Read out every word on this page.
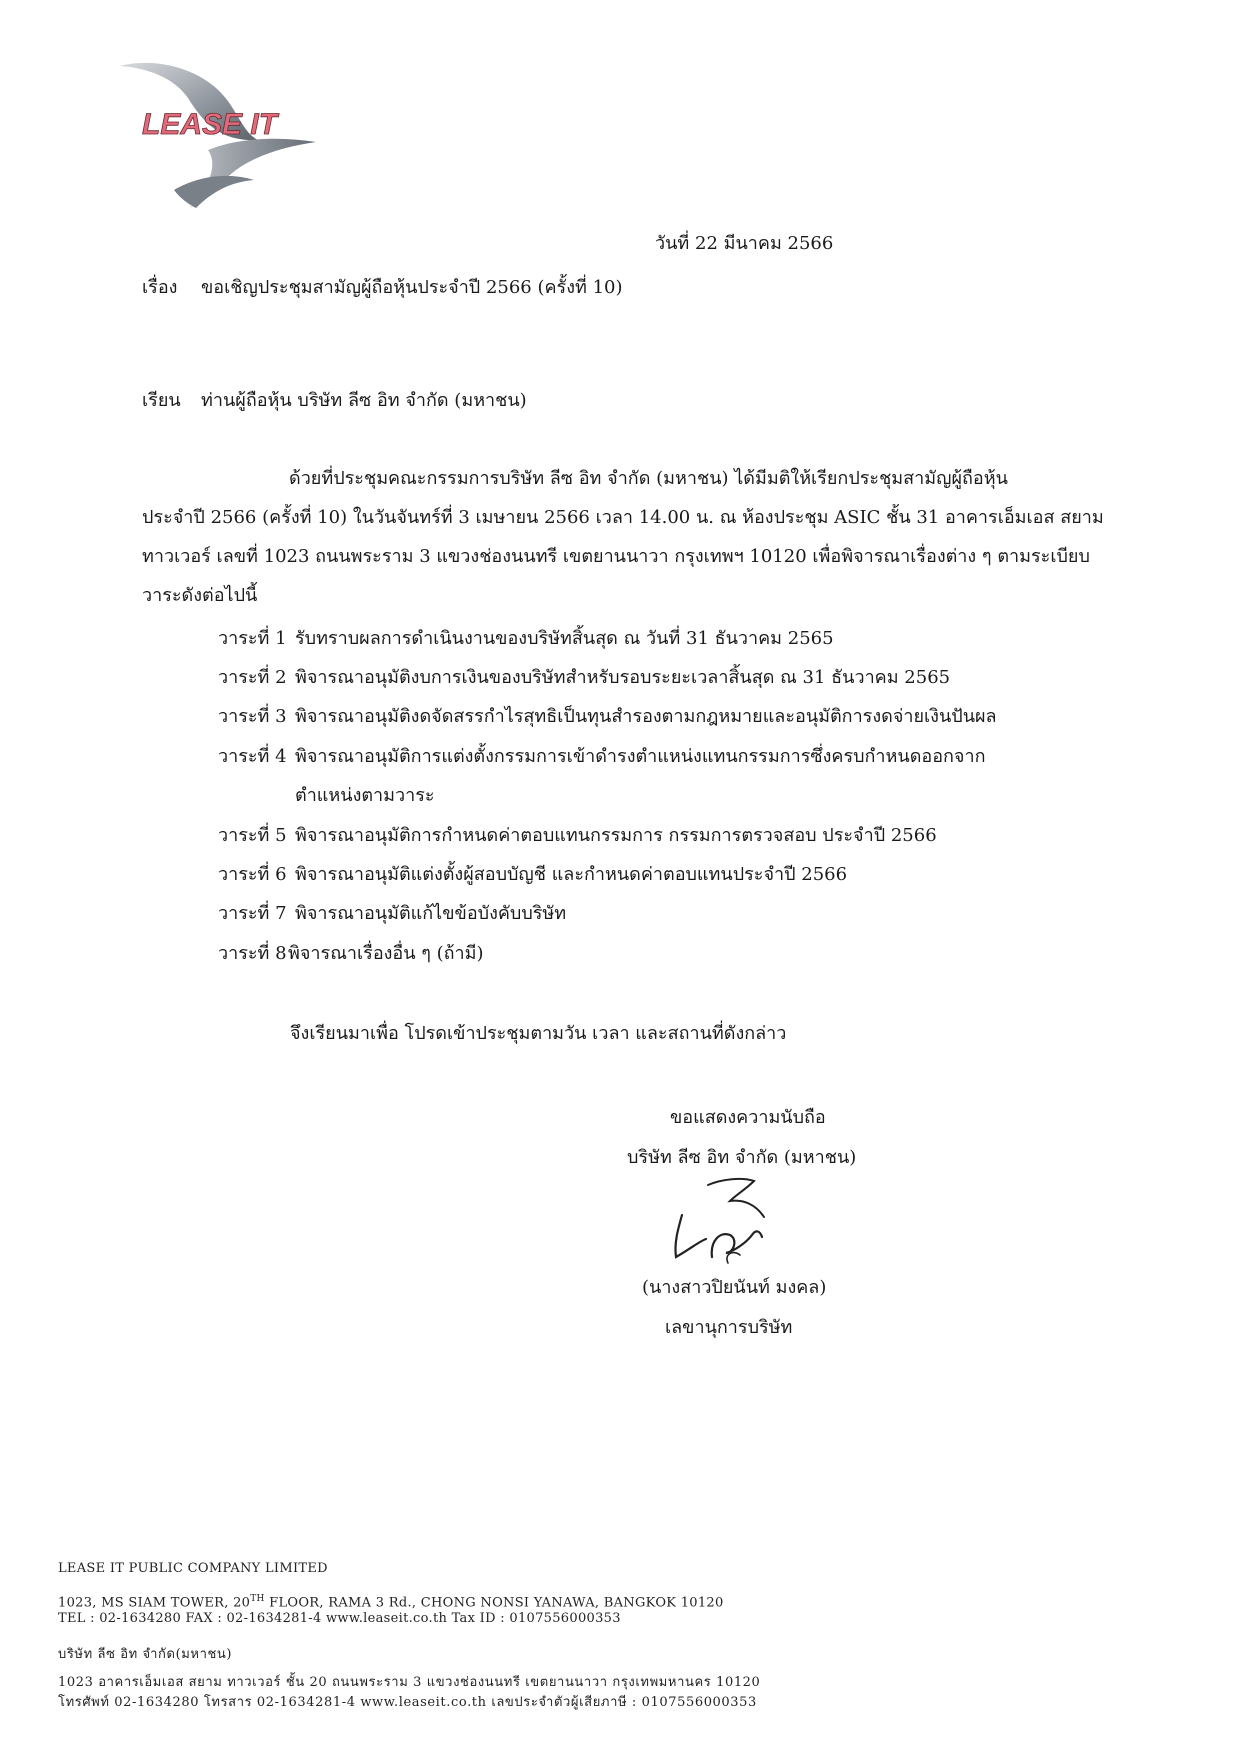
LEASE IT
วันที่ 22 มีนาคม 2566
เรื่อง ขอเชิญประชุมสามัญผู้ถือหุ้นประจำปี 2566 (ครั้งที่ 10)
เรียน ท่านผู้ถือหุ้น บริษัท ลีซ อิท จำกัด (มหาชน)
ด้วยที่ประชุมคณะกรรมการบริษัท ลีซ อิท จำกัด (มหาชน) ได้มีมติให้เรียกประชุมสามัญผู้ถือหุ้น
ประจำปี 2566 (ครั้งที่ 10) ในวันจันทร์ที่ 3 เมษายน 2566 เวลา 14.00 น. ณ ห้องประชุม ASIC ชั้น 31 อาคารเอ็มเอส สยาม
ทาวเวอร์ เลขที่ 1023 ถนนพระราม 3 แขวงช่องนนทรี เขตยานนาวา กรุงเทพฯ 10120 เพื่อพิจารณาเรื่องต่าง ๆ ตามระเบียบ
วาระดังต่อไปนี้
วาระที่ 1 รับทราบผลการดำเนินงานของบริษัทสิ้นสุด ณ วันที่ 31 ธันวาคม 2565
วาระที่ 2 พิจารณาอนุมัติงบการเงินของบริษัทสำหรับรอบระยะเวลาสิ้นสุด ณ 31 ธันวาคม 2565
วาระที่ 3 พิจารณาอนุมัติงดจัดสรรกำไรสุทธิเป็นทุนสำรองตามกฎหมายและอนุมัติการงดจ่ายเงินปันผล
วาระที่ 4 พิจารณาอนุมัติการแต่งตั้งกรรมการเข้าดำรงตำแหน่งแทนกรรมการซึ่งครบกำหนดออกจาก
ตำแหน่งตามวาระ
วาระที่ 5 พิจารณาอนุมัติการกำหนดค่าตอบแทนกรรมการ กรรมการตรวจสอบ ประจำปี 2566
วาระที่ 6 พิจารณาอนุมัติแต่งตั้งผู้สอบบัญชี และกำหนดค่าตอบแทนประจำปี 2566
วาระที่ 7 พิจารณาอนุมัติแก้ไขข้อบังคับบริษัท
วาระที่ 8 พิจารณาเรื่องอื่น ๆ (ถ้ามี)
จึงเรียนมาเพื่อ โปรดเข้าประชุมตามวัน เวลา และสถานที่ดังกล่าว
ขอแสดงความนับถือ
บริษัท ลีซ อิท จำกัด (มหาชน)
(นางสาวปิยนันท์ มงคล)
เลขานุการบริษัท
LEASE IT PUBLIC COMPANY LIMITED
1023, MS SIAM TOWER, 20TH FLOOR, RAMA 3 Rd., CHONG NONSI YANAWA, BANGKOK 10120
TEL : 02-1634280 FAX : 02-1634281-4 www.leaseit.co.th Tax ID : 0107556000353
บริษัท ลีซ อิท จำกัด(มหาชน)
1023 อาคารเอ็มเอส สยาม ทาวเวอร์ ชั้น 20 ถนนพระราม 3 แขวงช่องนนทรี เขตยานนาวา กรุงเทพมหานคร 10120
โทรศัพท์ 02-1634280 โทรสาร 02-1634281-4 www.leaseit.co.th เลขประจำตัวผู้เสียภาษี : 0107556000353
